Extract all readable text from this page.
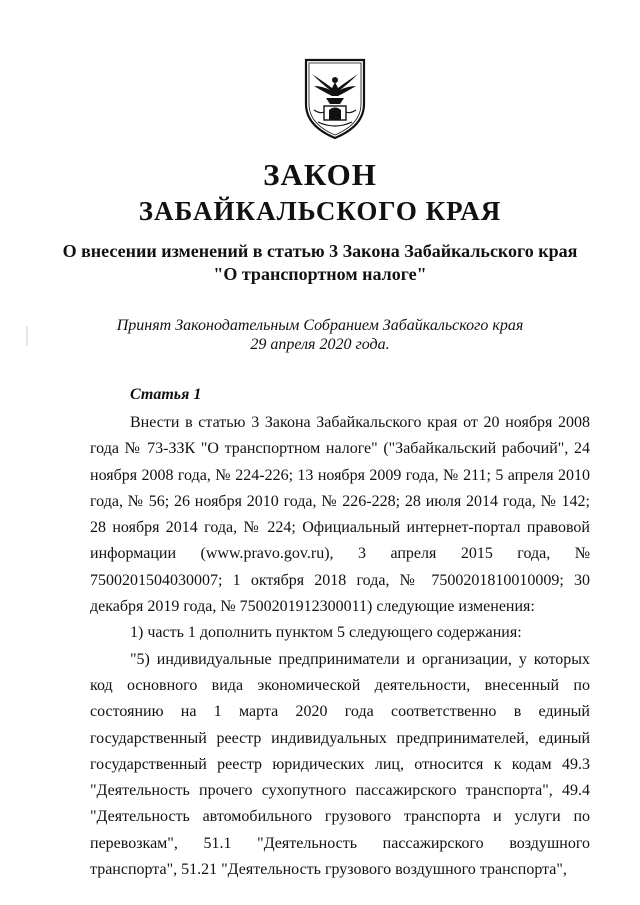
ЗАКОН
ЗАБАЙКАЛЬСКОГО КРАЯ
О внесении изменений в статью 3 Закона Забайкальского края
"О транспортном налоге"
Принят Законодательным Собранием Забайкальского края
29 апреля 2020 года.
Статья 1

Внести в статью 3 Закона Забайкальского края от 20 ноября 2008 года № 73-ЗЗК "О транспортном налоге" ("Забайкальский рабочий", 24 ноября 2008 года, № 224-226; 13 ноября 2009 года, № 211; 5 апреля 2010 года, № 56; 26 ноября 2010 года, № 226-228; 28 июля 2014 года, № 142; 28 ноября 2014 года, № 224; Официальный интернет-портал правовой информации (www.pravo.gov.ru), 3 апреля 2015 года, № 7500201504030007; 1 октября 2018 года, № 7500201810010009; 30 декабря 2019 года, № 7500201912300011) следующие изменения:

1) часть 1 дополнить пунктом 5 следующего содержания:

"5) индивидуальные предприниматели и организации, у которых код основного вида экономической деятельности, внесенный по состоянию на 1 марта 2020 года соответственно в единый государственный реестр индивидуальных предпринимателей, единый государственный реестр юридических лиц, относится к кодам 49.3 "Деятельность прочего сухопутного пассажирского транспорта", 49.4 "Деятельность автомобильного грузового транспорта и услуги по перевозкам", 51.1 "Деятельность пассажирского воздушного транспорта", 51.21 "Деятельность грузового воздушного транспорта",
